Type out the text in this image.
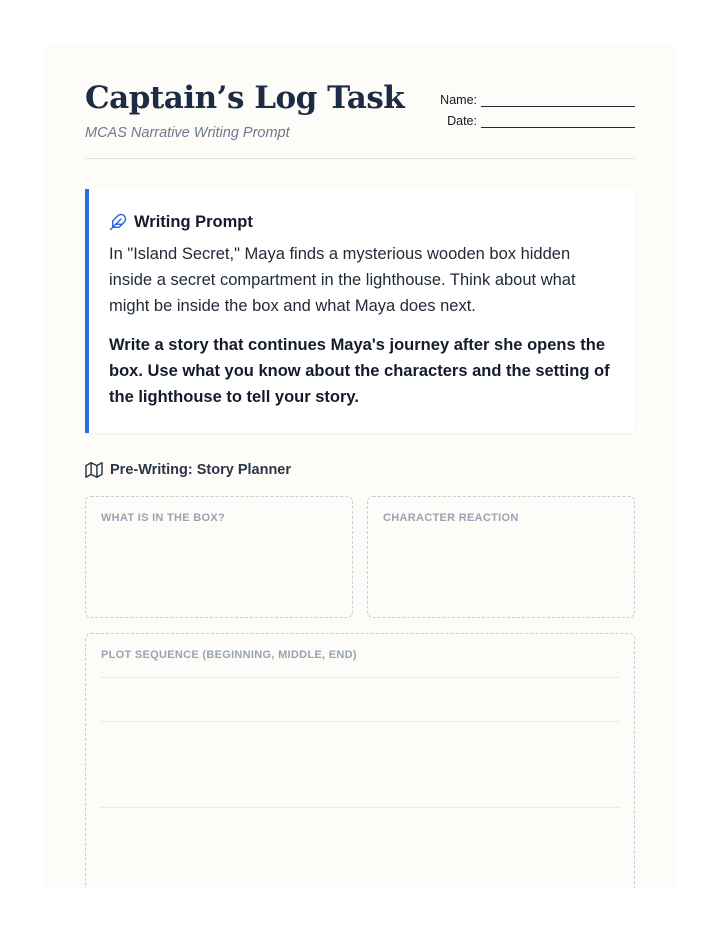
Captain’s Log Task
MCAS Narrative Writing Prompt
Name:
Date:
Writing Prompt

In "Island Secret," Maya finds a mysterious wooden box hidden inside a secret compartment in the lighthouse. Think about what might be inside the box and what Maya does next.

Write a story that continues Maya's journey after she opens the box. Use what you know about the characters and the setting of the lighthouse to tell your story.

Pre-Writing: Story Planner
WHAT IS IN THE BOX?	CHARACTER REACTION
PLOT SEQUENCE (BEGINNING, MIDDLE, END)
